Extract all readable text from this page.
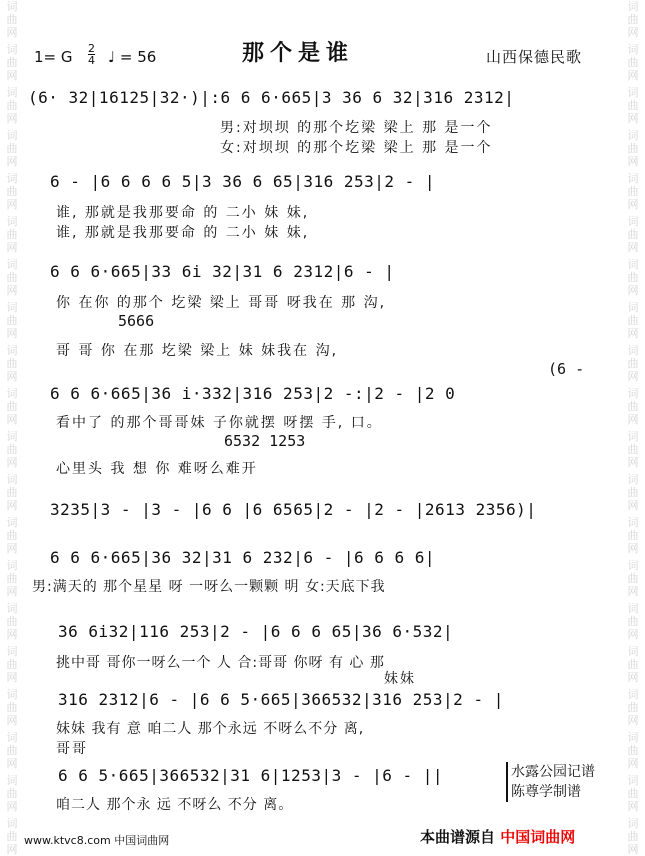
词
曲
网
词
曲
网
词
曲
网
词
曲
网
词
曲
网
词
曲
网
词
曲
网
词
曲
网
词
曲
网
词
曲
网
词
曲
网
词
曲
网
词
曲
网
词
曲
网
词
曲
网
词
曲
网
词
曲
网
词
曲
网
词
曲
网
词
曲
网
词
曲
网
词
曲
网
词
曲
网
词
曲
网
词
曲
网
词
曲
网
词
曲
网
词
曲
网
词
曲
网
词
曲
网
词
曲
网
词
曲
网
词
曲
网
词
曲
网
词
曲
网
词
曲
网
词
曲
网
词
曲
网
词
曲
网
词
曲
网
1= G 2
4 ♩ = 56	那个是谁	山西保德民歌
(6· 32|16125|32·)|:6 6 6·665|3 36 6 32|316 2312|
男:对坝坝 的那个圪梁 梁上 那 是一个
女:对坝坝 的那个圪梁 梁上 那 是一个
6 - |6 6 6 6 5|3 36 6 65|316 253|2 - |
谁, 那就是我那要命 的 二小 妹 妹,
谁, 那就是我那要命 的 二小 妹 妹,
6 6 6·665|33 6i 32|31 6 2312|6 - |
你 在你 的那个 圪梁 梁上 哥哥 呀我在 那 沟,
5666
哥 哥 你 在那 圪梁 梁上 妹 妹我在 沟,
(6 -
6 6 6·665|36 i·332|316 253|2 -:|2 - |2 0
看中了 的那个哥哥妹 子你就摆 呀摆 手, 口。
6532 1253
心里头 我 想 你 难呀么难开
3235|3 - |3 - |6 6 |6 6565|2 - |2 - |2613 2356)|
6 6 6·665|36 32|31 6 232|6 - |6 6 6 6|
男:满天的 那个星星 呀 一呀么一颗颗 明 女:天底下我
36 6i32|116 253|2 - |6 6 6 65|36 6·532|
挑中哥 哥你一呀么一个 人 合:哥哥 你呀 有 心 那
妹妹
316 2312|6 - |6 6 5·665|366532|316 253|2 - |
妹妹 我有 意 咱二人 那个永远 不呀么不分 离,
哥哥
6 6 5·665|366532|31 6|1253|3 - |6 - ||
咱二人 那个永 远 不呀么 不分 离。
水露公园记谱
陈尊学制谱
www.ktvc8.com 中国词曲网	本曲谱源自 中国词曲网
